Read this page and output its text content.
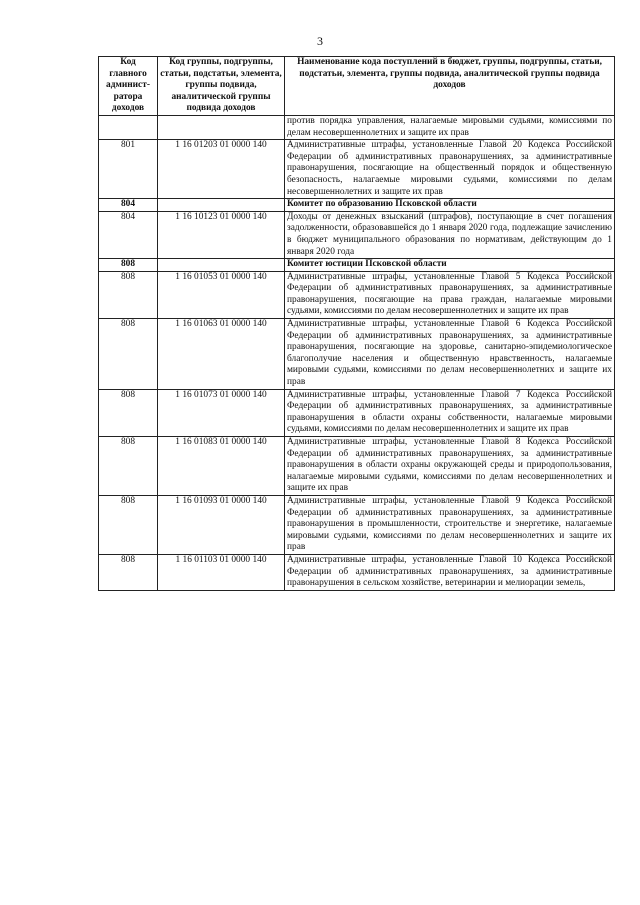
3
Код главного админист-ратора доходов	Код группы, подгруппы, статьи, подстатьи, элемента, группы подвида, аналитической группы подвида доходов	Наименование кода поступлений в бюджет, группы, подгруппы, статьи, подстатьи, элемента, группы подвида, аналитической группы подвида доходов
		против порядка управления, налагаемые мировыми судьями, комиссиями по делам несовершеннолетних и защите их прав
801	1 16 01203 01 0000 140	Административные штрафы, установленные Главой 20 Кодекса Российской Федерации об административных правонарушениях, за административные правонарушения, посягающие на общественный порядок и общественную безопасность, налагаемые мировыми судьями, комиссиями по делам несовершеннолетних и защите их прав
804		Комитет по образованию Псковской области
804	1 16 10123 01 0000 140	Доходы от денежных взысканий (штрафов), поступающие в счет погашения задолженности, образовавшейся до 1 января 2020 года, подлежащие зачислению в бюджет муниципального образования по нормативам, действующим до 1 января 2020 года
808		Комитет юстиции Псковской области
808	1 16 01053 01 0000 140	Административные штрафы, установленные Главой 5 Кодекса Российской Федерации об административных правонарушениях, за административные правонарушения, посягающие на права граждан, налагаемые мировыми судьями, комиссиями по делам несовершеннолетних и защите их прав
808	1 16 01063 01 0000 140	Административные штрафы, установленные Главой 6 Кодекса Российской Федерации об административных правонарушениях, за административные правонарушения, посягающие на здоровье, санитарно-эпидемиологическое благополучие населения и общественную нравственность, налагаемые мировыми судьями, комиссиями по делам несовершеннолетних и защите их прав
808	1 16 01073 01 0000 140	Административные штрафы, установленные Главой 7 Кодекса Российской Федерации об административных правонарушениях, за административные правонарушения в области охраны собственности, налагаемые мировыми судьями, комиссиями по делам несовершеннолетних и защите их прав
808	1 16 01083 01 0000 140	Административные штрафы, установленные Главой 8 Кодекса Российской Федерации об административных правонарушениях, за административные правонарушения в области охраны окружающей среды и природопользования, налагаемые мировыми судьями, комиссиями по делам несовершеннолетних и защите их прав
808	1 16 01093 01 0000 140	Административные штрафы, установленные Главой 9 Кодекса Российской Федерации об административных правонарушениях, за административные правонарушения в промышленности, строительстве и энергетике, налагаемые мировыми судьями, комиссиями по делам несовершеннолетних и защите их прав
808	1 16 01103 01 0000 140	Административные штрафы, установленные Главой 10 Кодекса Российской Федерации об административных правонарушениях, за административные правонарушения в сельском хозяйстве, ветеринарии и мелиорации земель,
